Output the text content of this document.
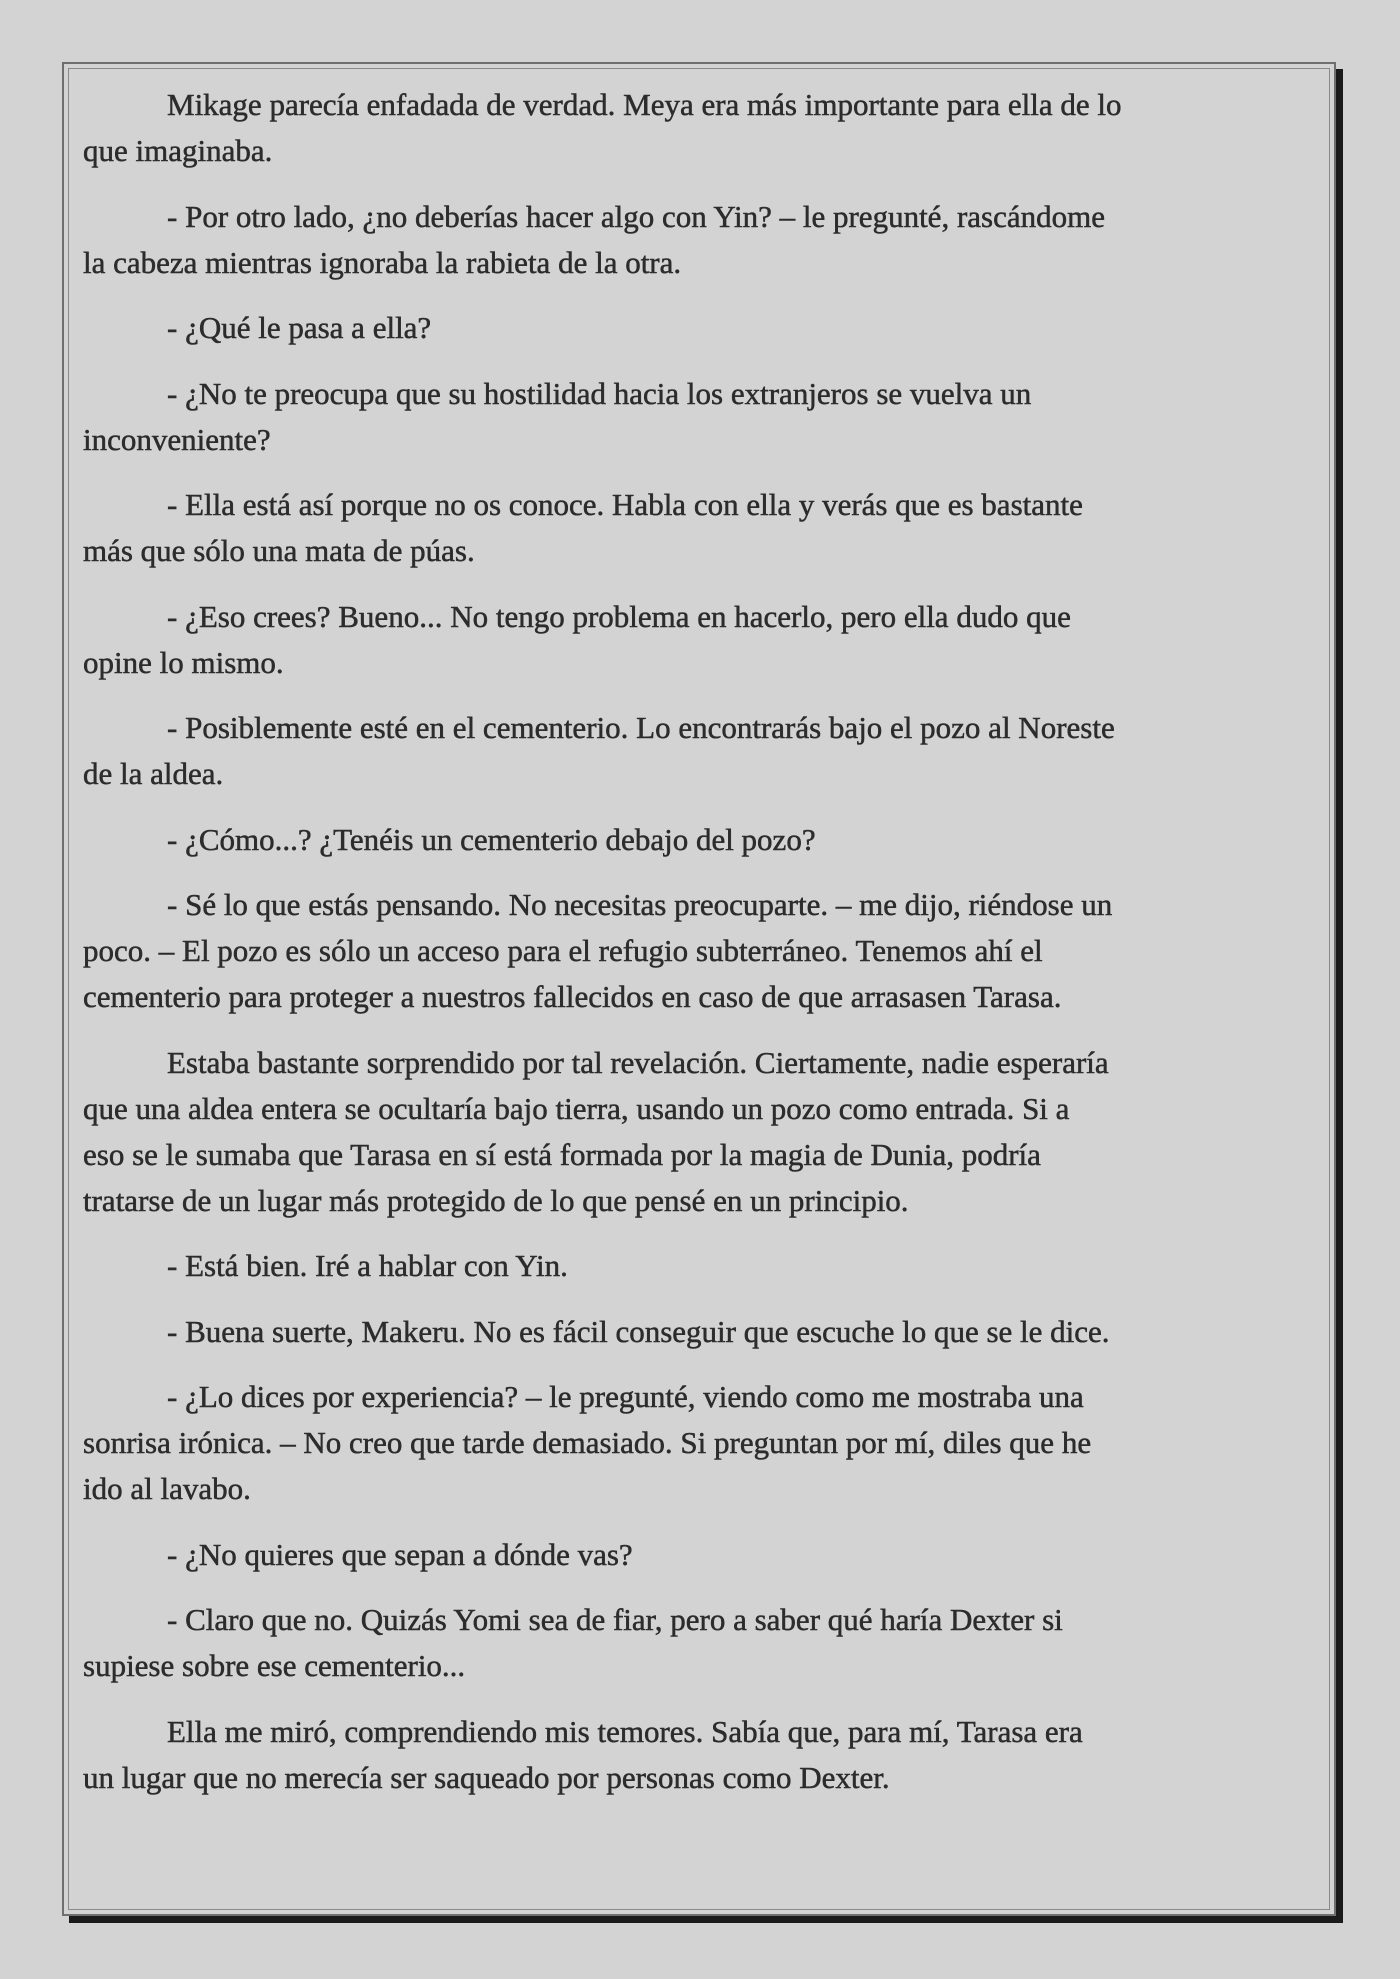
Mikage parecía enfadada de verdad. Meya era más importante para ella de lo
que imaginaba.

- Por otro lado, ¿no deberías hacer algo con Yin? – le pregunté, rascándome
la cabeza mientras ignoraba la rabieta de la otra.

- ¿Qué le pasa a ella?

- ¿No te preocupa que su hostilidad hacia los extranjeros se vuelva un
inconveniente?

- Ella está así porque no os conoce. Habla con ella y verás que es bastante
más que sólo una mata de púas.

- ¿Eso crees? Bueno... No tengo problema en hacerlo, pero ella dudo que
opine lo mismo.

- Posiblemente esté en el cementerio. Lo encontrarás bajo el pozo al Noreste
de la aldea.

- ¿Cómo...? ¿Tenéis un cementerio debajo del pozo?

- Sé lo que estás pensando. No necesitas preocuparte. – me dijo, riéndose un
poco. – El pozo es sólo un acceso para el refugio subterráneo. Tenemos ahí el
cementerio para proteger a nuestros fallecidos en caso de que arrasasen Tarasa.

Estaba bastante sorprendido por tal revelación. Ciertamente, nadie esperaría
que una aldea entera se ocultaría bajo tierra, usando un pozo como entrada. Si a
eso se le sumaba que Tarasa en sí está formada por la magia de Dunia, podría
tratarse de un lugar más protegido de lo que pensé en un principio.

- Está bien. Iré a hablar con Yin.

- Buena suerte, Makeru. No es fácil conseguir que escuche lo que se le dice.

- ¿Lo dices por experiencia? – le pregunté, viendo como me mostraba una
sonrisa irónica. – No creo que tarde demasiado. Si preguntan por mí, diles que he
ido al lavabo.

- ¿No quieres que sepan a dónde vas?

- Claro que no. Quizás Yomi sea de fiar, pero a saber qué haría Dexter si
supiese sobre ese cementerio...

Ella me miró, comprendiendo mis temores. Sabía que, para mí, Tarasa era
un lugar que no merecía ser saqueado por personas como Dexter.
